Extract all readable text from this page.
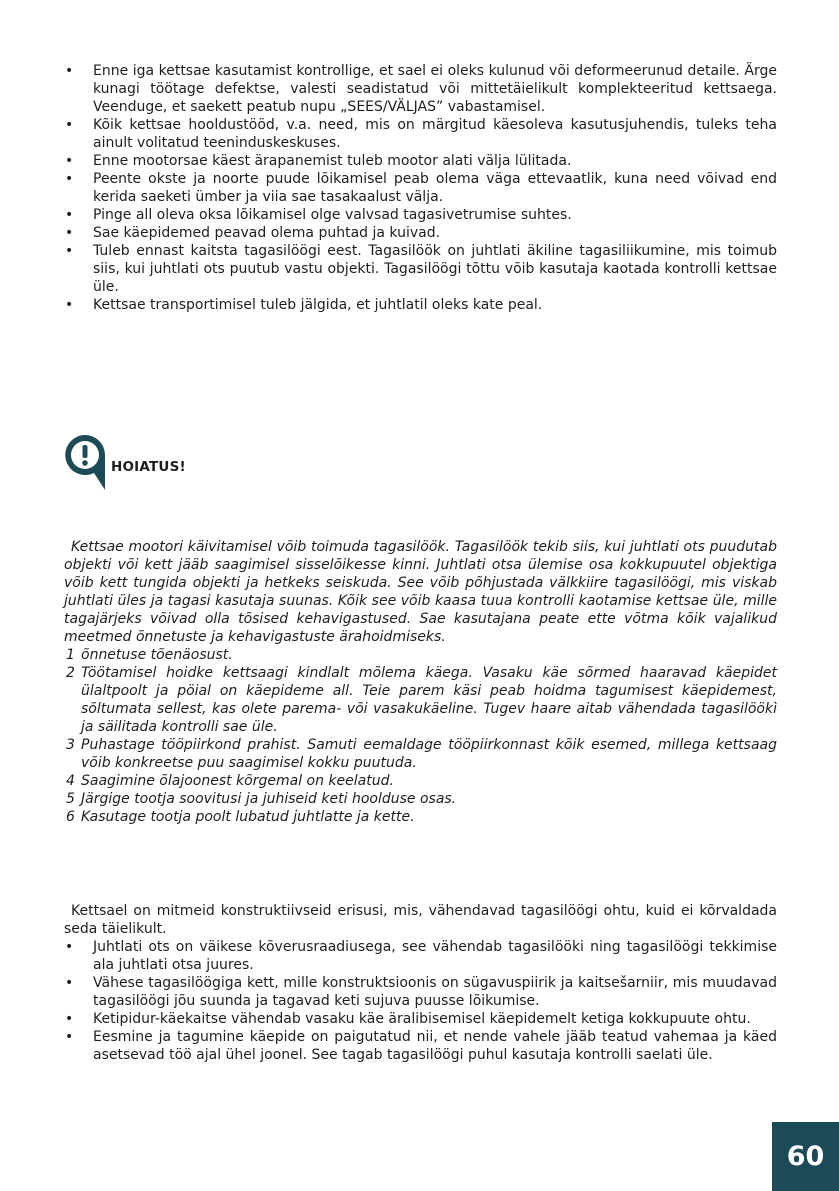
• Enne iga kettsae kasutamist kontrollige, et sael ei oleks kulunud või deformeerunud detaile. Ärge kunagi töötage defektse, valesti seadistatud või mittetäielikult komplekteeritud kettsaega. Veenduge, et saekett peatub nupu „SEES/VÄLJAS” vabastamisel.
• Kõik kettsae hooldustööd, v.a. need, mis on märgitud käesoleva kasutusjuhendis, tuleks teha ainult volitatud teeninduskeskuses.
• Enne mootorsae käest ärapanemist tuleb mootor alati välja lülitada.
• Peente okste ja noorte puude lõikamisel peab olema väga ettevaatlik, kuna need võivad end kerida saeketi ümber ja viia sae tasakaalust välja.
• Pinge all oleva oksa lõikamisel olge valvsad tagasivetrumise suhtes.
• Sae käepidemed peavad olema puhtad ja kuivad.
• Tuleb ennast kaitsta tagasilöögi eest. Tagasilöök on juhtlati äkiline tagasiliikumine, mis toimub siis, kui juhtlati ots puutub vastu objekti. Tagasilöögi tõttu võib kasutaja kaotada kontrolli kettsae üle.
• Kettsae transportimisel tuleb jälgida, et juhtlatil oleks kate peal.
HOIATUS!

Kettsae mootori käivitamisel võib toimuda tagasilöök. Tagasilöök tekib siis, kui juhtlati ots puudutab objekti või kett jääb saagimisel sisselõikesse kinni. Juhtlati otsa ülemise osa kokkupuutel objektiga võib kett tungida objekti ja hetkeks seiskuda. See võib põhjustada välkkiire tagasilöögi, mis viskab juhtlati üles ja tagasi kasutaja suunas. Kõik see võib kaasa tuua kontrolli kaotamise kettsae üle, mille tagajärjeks võivad olla tõsised kehavigastused. Sae kasutajana peate ette võtma kõik vajalikud meetmed õnnetuste ja kehavigastuste ärahoidmiseks.

1 õnnetuse tõenäosust.
2 Töötamisel hoidke kettsaagi kindlalt mõlema käega. Vasaku käe sõrmed haaravad käepidet ülaltpoolt ja pöial on käepideme all. Teie parem käsi peab hoidma tagumisest käepidemest, sõltumata sellest, kas olete parema- või vasakukäeline. Tugev haare aitab vähendada tagasilöökì ja säilitada kontrolli sae üle.
3 Puhastage tööpiirkond prahist. Samuti eemaldage tööpiirkonnast kõik esemed, millega kettsaag võib konkreetse puu saagimisel kokku puutuda.
4 Saagimine õlajoonest kõrgemal on keelatud.
5 Järgige tootja soovitusi ja juhiseid keti hoolduse osas.
6 Kasutage tootja poolt lubatud juhtlatte ja kette.

Kettsael on mitmeid konstruktiivseid erisusi, mis, vähendavad tagasilöögi ohtu, kuid ei kõrvaldada seda täielikult.

• Juhtlati ots on väikese kõverusraadiusega, see vähendab tagasilööki ning tagasilöögi tekkimise ala juhtlati otsa juures.
• Vähese tagasilöögiga kett, mille konstruktsioonis on sügavuspiirik ja kaitsešarniir, mis muudavad tagasilöögi jõu suunda ja tagavad keti sujuva puusse lõikumise.
• Ketipidur-käekaitse vähendab vasaku käe äralibisemisel käepidemelt ketiga kokkupuute ohtu.
• Eesmine ja tagumine käepide on paigutatud nii, et nende vahele jääb teatud vahemaa ja käed asetsevad töö ajal ühel joonel. See tagab tagasilöögi puhul kasutaja kontrolli saelati üle.
60
